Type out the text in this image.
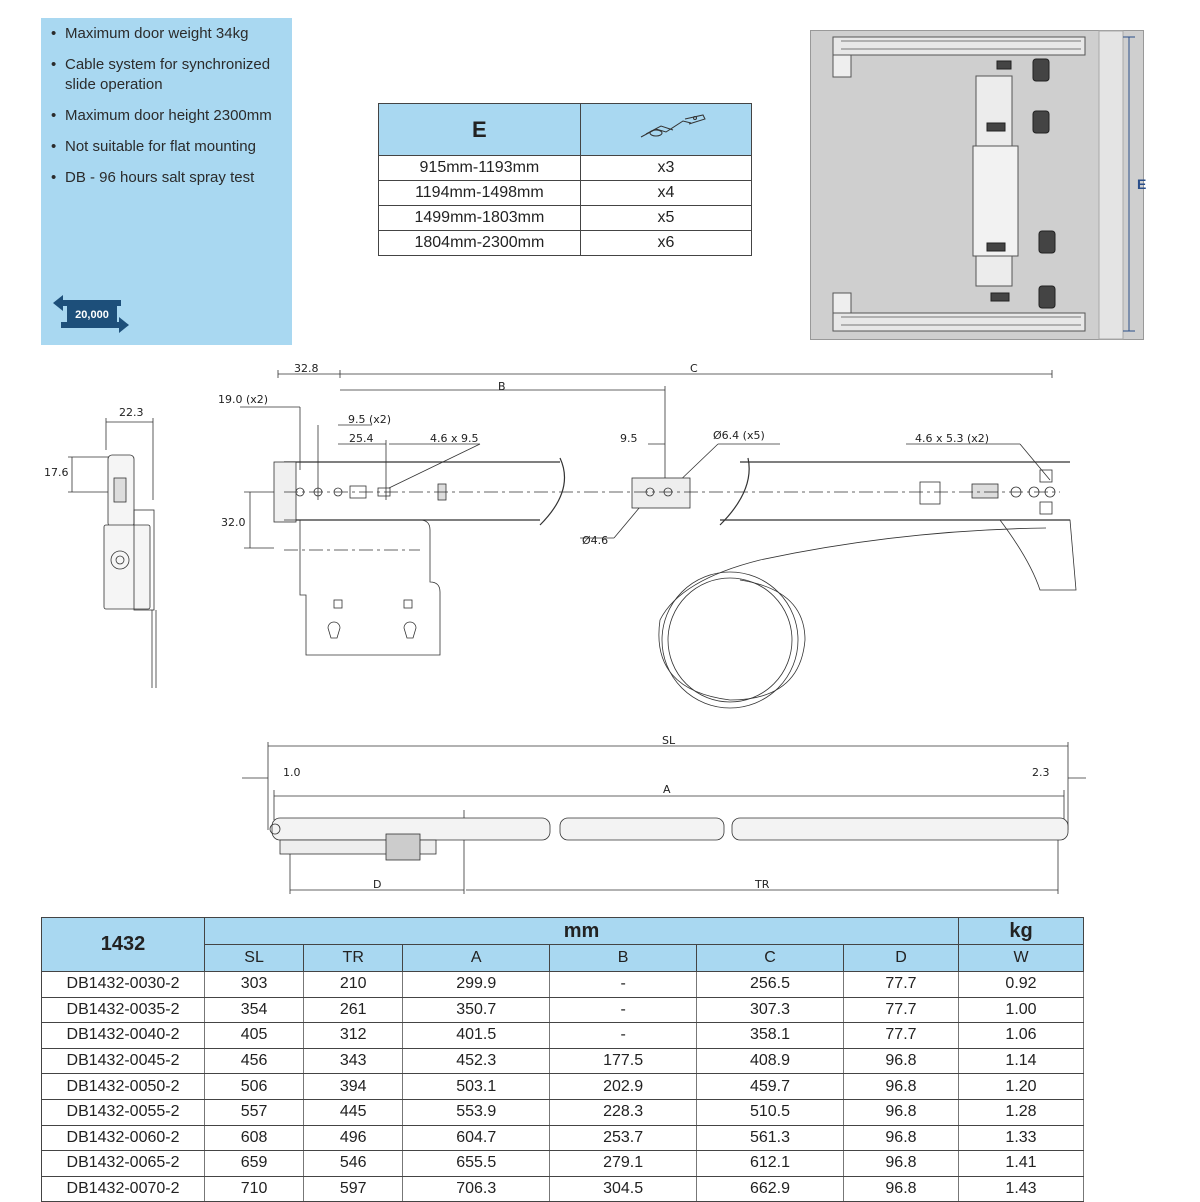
• Maximum door weight 34kg
• Cable system for synchronized slide operation
• Maximum door height 2300mm
• Not suitable for flat mounting
• DB - 96 hours salt spray test
20,000
E	
915mm-1193mm	x3
1194mm-1498mm	x4
1499mm-1803mm	x5
1804mm-2300mm	x6
E
22.3
17.6
32.8	C
B
19.0 (x2)
9.5 (x2)
25.4	4.6 x 9.5	9.5	Ø6.4 (x5)	4.6 x 5.3 (x2)
32.0
Ø4.6
SL
1.0	2.3
A
D	TR
1432	mm						kg
	SL	TR	A	B	C	D	W
DB1432-0030-2	303	210	299.9	-	256.5	77.7	0.92
DB1432-0035-2	354	261	350.7	-	307.3	77.7	1.00
DB1432-0040-2	405	312	401.5	-	358.1	77.7	1.06
DB1432-0045-2	456	343	452.3	177.5	408.9	96.8	1.14
DB1432-0050-2	506	394	503.1	202.9	459.7	96.8	1.20
DB1432-0055-2	557	445	553.9	228.3	510.5	96.8	1.28
DB1432-0060-2	608	496	604.7	253.7	561.3	96.8	1.33
DB1432-0065-2	659	546	655.5	279.1	612.1	96.8	1.41
DB1432-0070-2	710	597	706.3	304.5	662.9	96.8	1.43
